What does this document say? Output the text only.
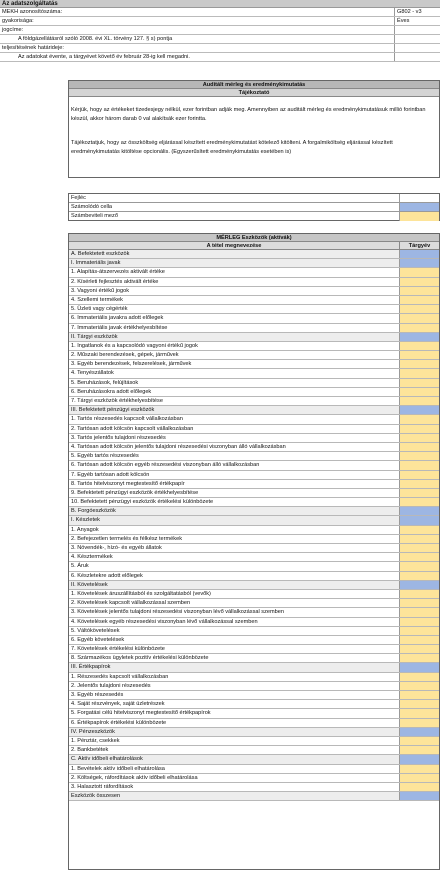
Az adatszolgáltatás
MEKH azonosítószáma:	G802 - v3
gyakorisága:	Éves
jogcíme:
A földgázellátásról szóló 2008. évi XL. törvény 127. § s) pontja
teljesítésének határideje:
Az adatokat évente, a tárgyévet követő év február 28-ig kell megadni.
Auditált mérleg és eredménykimutatás
Tájékoztató

Kérjük, hogy az értékeket tizedesjegy nélkül, ezer forintban adják meg. Amennyiben az auditált mérleg és eredménykimutatásuk millió forintban készül, akkor három darab 0 val alakítsák ezer forintta.

Tájékoztatjuk, hogy az összköltség eljárással készített eredménykimutatást kötelező kitölteni. A forgalmiköltség eljárással készített eredménykimutatás kitöltése opcionális. (Egyszerűsített eredménykimutatás esetében is)

Fejléc
Számolódó cella
Számbeviteli mező
MÉRLEG Eszközök (aktívák)
A tétel megnevezése	Tárgyév
A. Befektetett eszközök
I. Immateriális javak
1. Alapítás-átszervezés aktivált értéke
2. Kísérleti fejlesztés aktivált értéke
3. Vagyoni értékű jogok
4. Szellemi termékek
5. Üzleti vagy cégérték
6. Immateriális javakra adott előlegek
7. Immateriális javak értékhelyesbítése
II. Tárgyi eszközök
1. Ingatlanok és a kapcsolódó vagyoni értékű jogok
2. Műszaki berendezések, gépek, járművek
3. Egyéb berendezések, felszerelések, járművek
4. Tenyészállatok
5. Beruházások, felújítások
6. Beruházásokra adott előlegek
7. Tárgyi eszközök értékhelyesbítése
III. Befektetett pénzügyi eszközök
1. Tartós részesedés kapcsolt vállalkozásban
2. Tartósan adott kölcsön kapcsolt vállalkozásban
3. Tartós jelentős tulajdoni részesedés
4. Tartósan adott kölcsön jelentős tulajdoni részesedési viszonyban álló vállalkozásban
5. Egyéb tartós részesedés
6. Tartósan adott kölcsön egyéb részesedési viszonyban álló vállalkozásban
7. Egyéb tartósan adott kölcsön
8. Tartós hitelviszonyt megtestesítő értékpapír
9. Befektetett pénzügyi eszközök értékhelyesbítése
10. Befektetett pénzügyi eszközök értékelési különbözete
B. Forgóeszközök
I. Készletek
1. Anyagok
2. Befejezetlen termelés és félkész termékek
3. Növendék-, hízó- és egyéb állatok
4. Késztermékek
5. Áruk
6. Készletekre adott előlegek
II. Követelések
1. Követelések áruszállításból és szolgáltatásból (vevők)
2. Követelések kapcsolt vállalkozással szemben
3. Követelések jelentős tulajdoni részesedési viszonyban lévő vállalkozással szemben
4. Követelések egyéb részesedési viszonyban lévő vállalkozással szemben
5. Váltókövetelések
6. Egyéb követelések
7. Követelések értékelési különbözete
8. Származékos ügyletek pozitív értékelési különbözete
III. Értékpapírok
1. Részesedés kapcsolt vállalkozásban
2. Jelentős tulajdoni részesedés
3. Egyéb részesedés
4. Saját részvények, saját üzletrészek
5. Forgatási célú hitelviszonyt megtestesítő értékpapírok
6. Értékpapírok értékelési különbözete
IV. Pénzeszközök
1. Pénztár, csekkek
2. Bankbetétek
C. Aktív időbeli elhatárolások
1. Bevételek aktív időbeli elhatárolása
2. Költségek, ráfordítások aktív időbeli elhatárolása
3. Halasztott ráfordítások
Eszközök összesen
